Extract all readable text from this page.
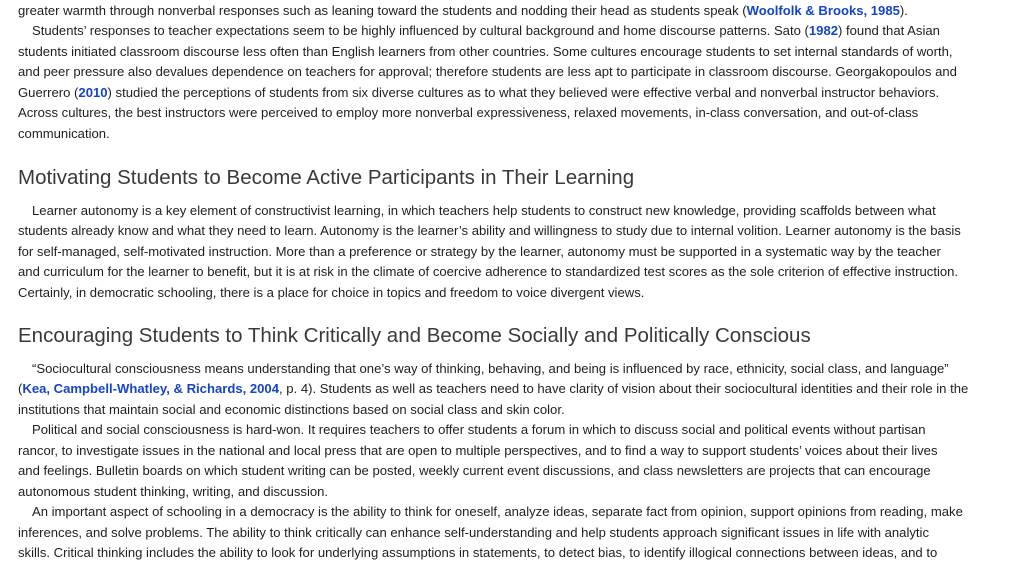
greater warmth through nonverbal responses such as leaning toward the students and nodding their head as students speak (Woolfolk & Brooks, 1985).
Students’ responses to teacher expectations seem to be highly influenced by cultural background and home discourse patterns. Sato (1982) found that Asian
students initiated classroom discourse less often than English learners from other countries. Some cultures encourage students to set internal standards of worth,
and peer pressure also devalues dependence on teachers for approval; therefore students are less apt to participate in classroom discourse. Georgakopoulos and
Guerrero (2010) studied the perceptions of students from six diverse cultures as to what they believed were effective verbal and nonverbal instructor behaviors.
Across cultures, the best instructors were perceived to employ more nonverbal expressiveness, relaxed movements, in-class conversation, and out-of-class
communication.
Motivating Students to Become Active Participants in Their Learning
Learner autonomy is a key element of constructivist learning, in which teachers help students to construct new knowledge, providing scaffolds between what
students already know and what they need to learn. Autonomy is the learner’s ability and willingness to study due to internal volition. Learner autonomy is the basis
for self-managed, self-motivated instruction. More than a preference or strategy by the learner, autonomy must be supported in a systematic way by the teacher
and curriculum for the learner to benefit, but it is at risk in the climate of coercive adherence to standardized test scores as the sole criterion of effective instruction.
Certainly, in democratic schooling, there is a place for choice in topics and freedom to voice divergent views.
Encouraging Students to Think Critically and Become Socially and Politically Conscious
“Sociocultural consciousness means understanding that one’s way of thinking, behaving, and being is influenced by race, ethnicity, social class, and language”
(Kea, Campbell-Whatley, & Richards, 2004, p. 4). Students as well as teachers need to have clarity of vision about their sociocultural identities and their role in the
institutions that maintain social and economic distinctions based on social class and skin color.
Political and social consciousness is hard-won. It requires teachers to offer students a forum in which to discuss social and political events without partisan
rancor, to investigate issues in the national and local press that are open to multiple perspectives, and to find a way to support students’ voices about their lives
and feelings. Bulletin boards on which student writing can be posted, weekly current event discussions, and class newsletters are projects that can encourage
autonomous student thinking, writing, and discussion.
An important aspect of schooling in a democracy is the ability to think for oneself, analyze ideas, separate fact from opinion, support opinions from reading, make
inferences, and solve problems. The ability to think critically can enhance self-understanding and help students approach significant issues in life with analytic
skills. Critical thinking includes the ability to look for underlying assumptions in statements, to detect bias, to identify illogical connections between ideas, and to
